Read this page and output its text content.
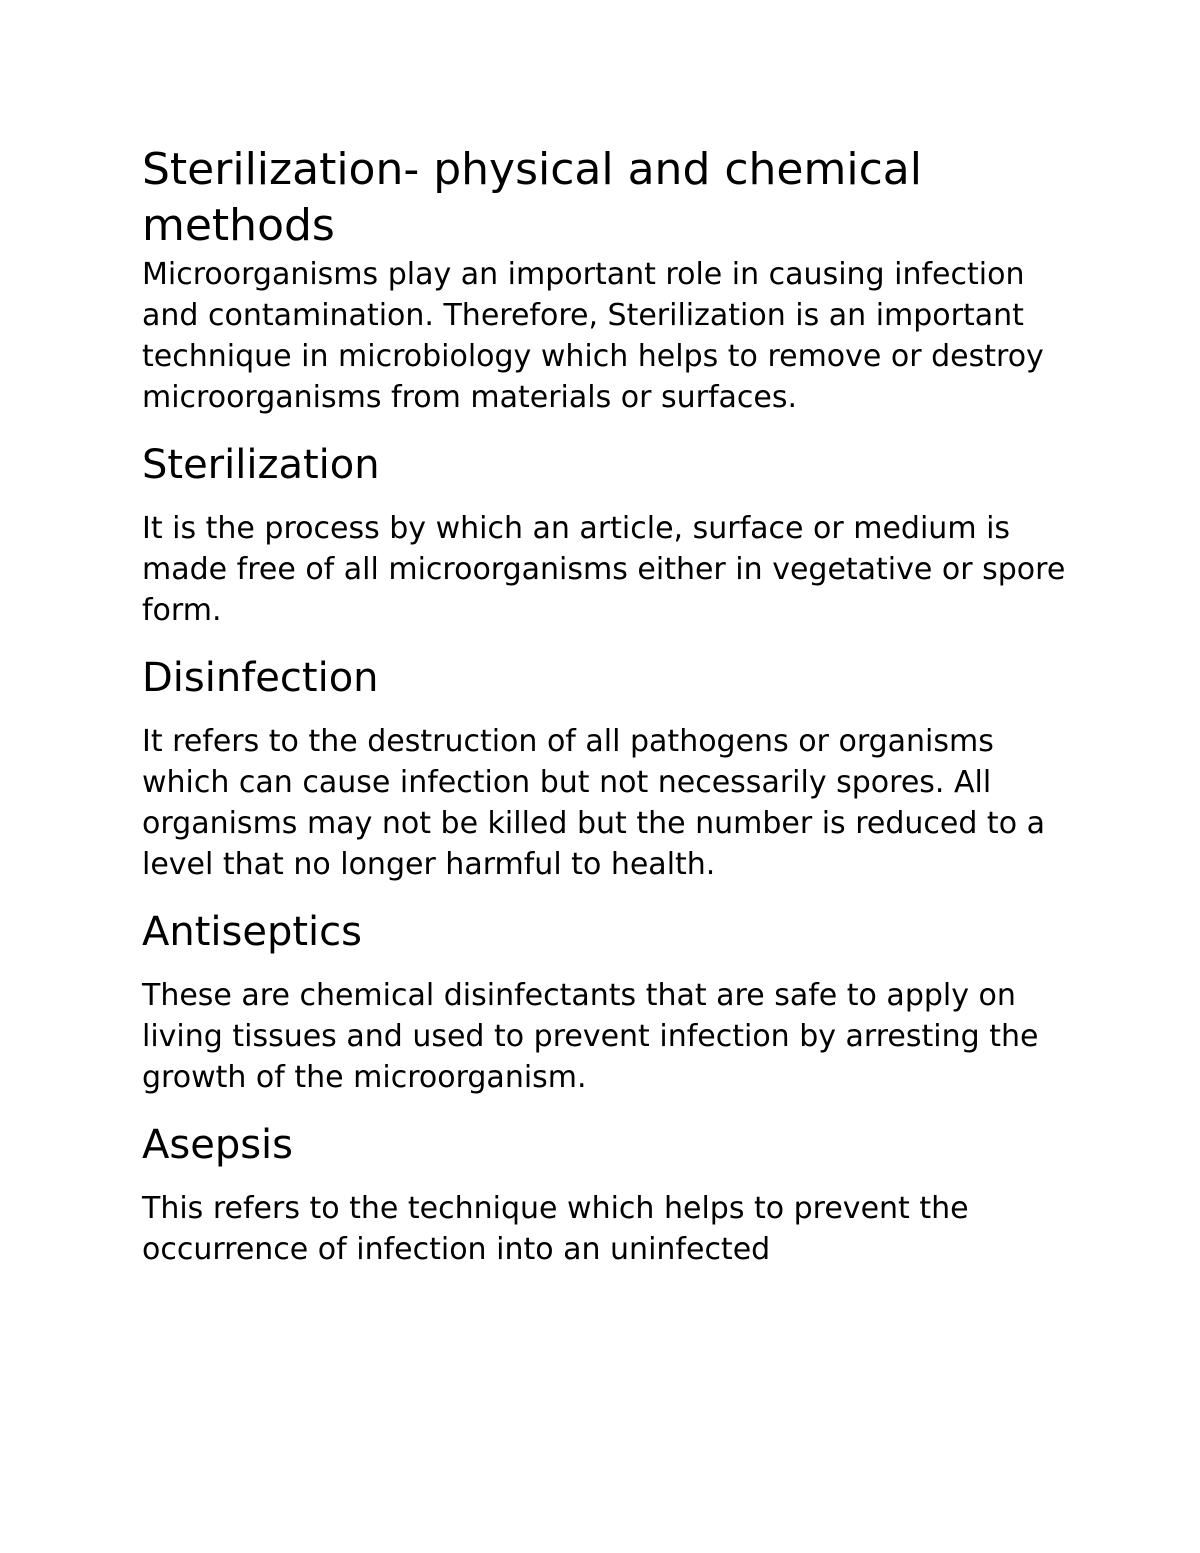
Sterilization- physical and chemical methods

Microorganisms play an important role in causing infection and contamination. Therefore, Sterilization is an important technique in microbiology which helps to remove or destroy microorganisms from materials or surfaces.

Sterilization

It is the process by which an article, surface or medium is made free of all microorganisms either in vegetative or spore form.

Disinfection

It refers to the destruction of all pathogens or organisms which can cause infection but not necessarily spores. All organisms may not be killed but the number is reduced to a level that no longer harmful to health.

Antiseptics

These are chemical disinfectants that are safe to apply on living tissues and used to prevent infection by arresting the growth of the microorganism.

Asepsis

This refers to the technique which helps to prevent the occurrence of infection into an uninfected
